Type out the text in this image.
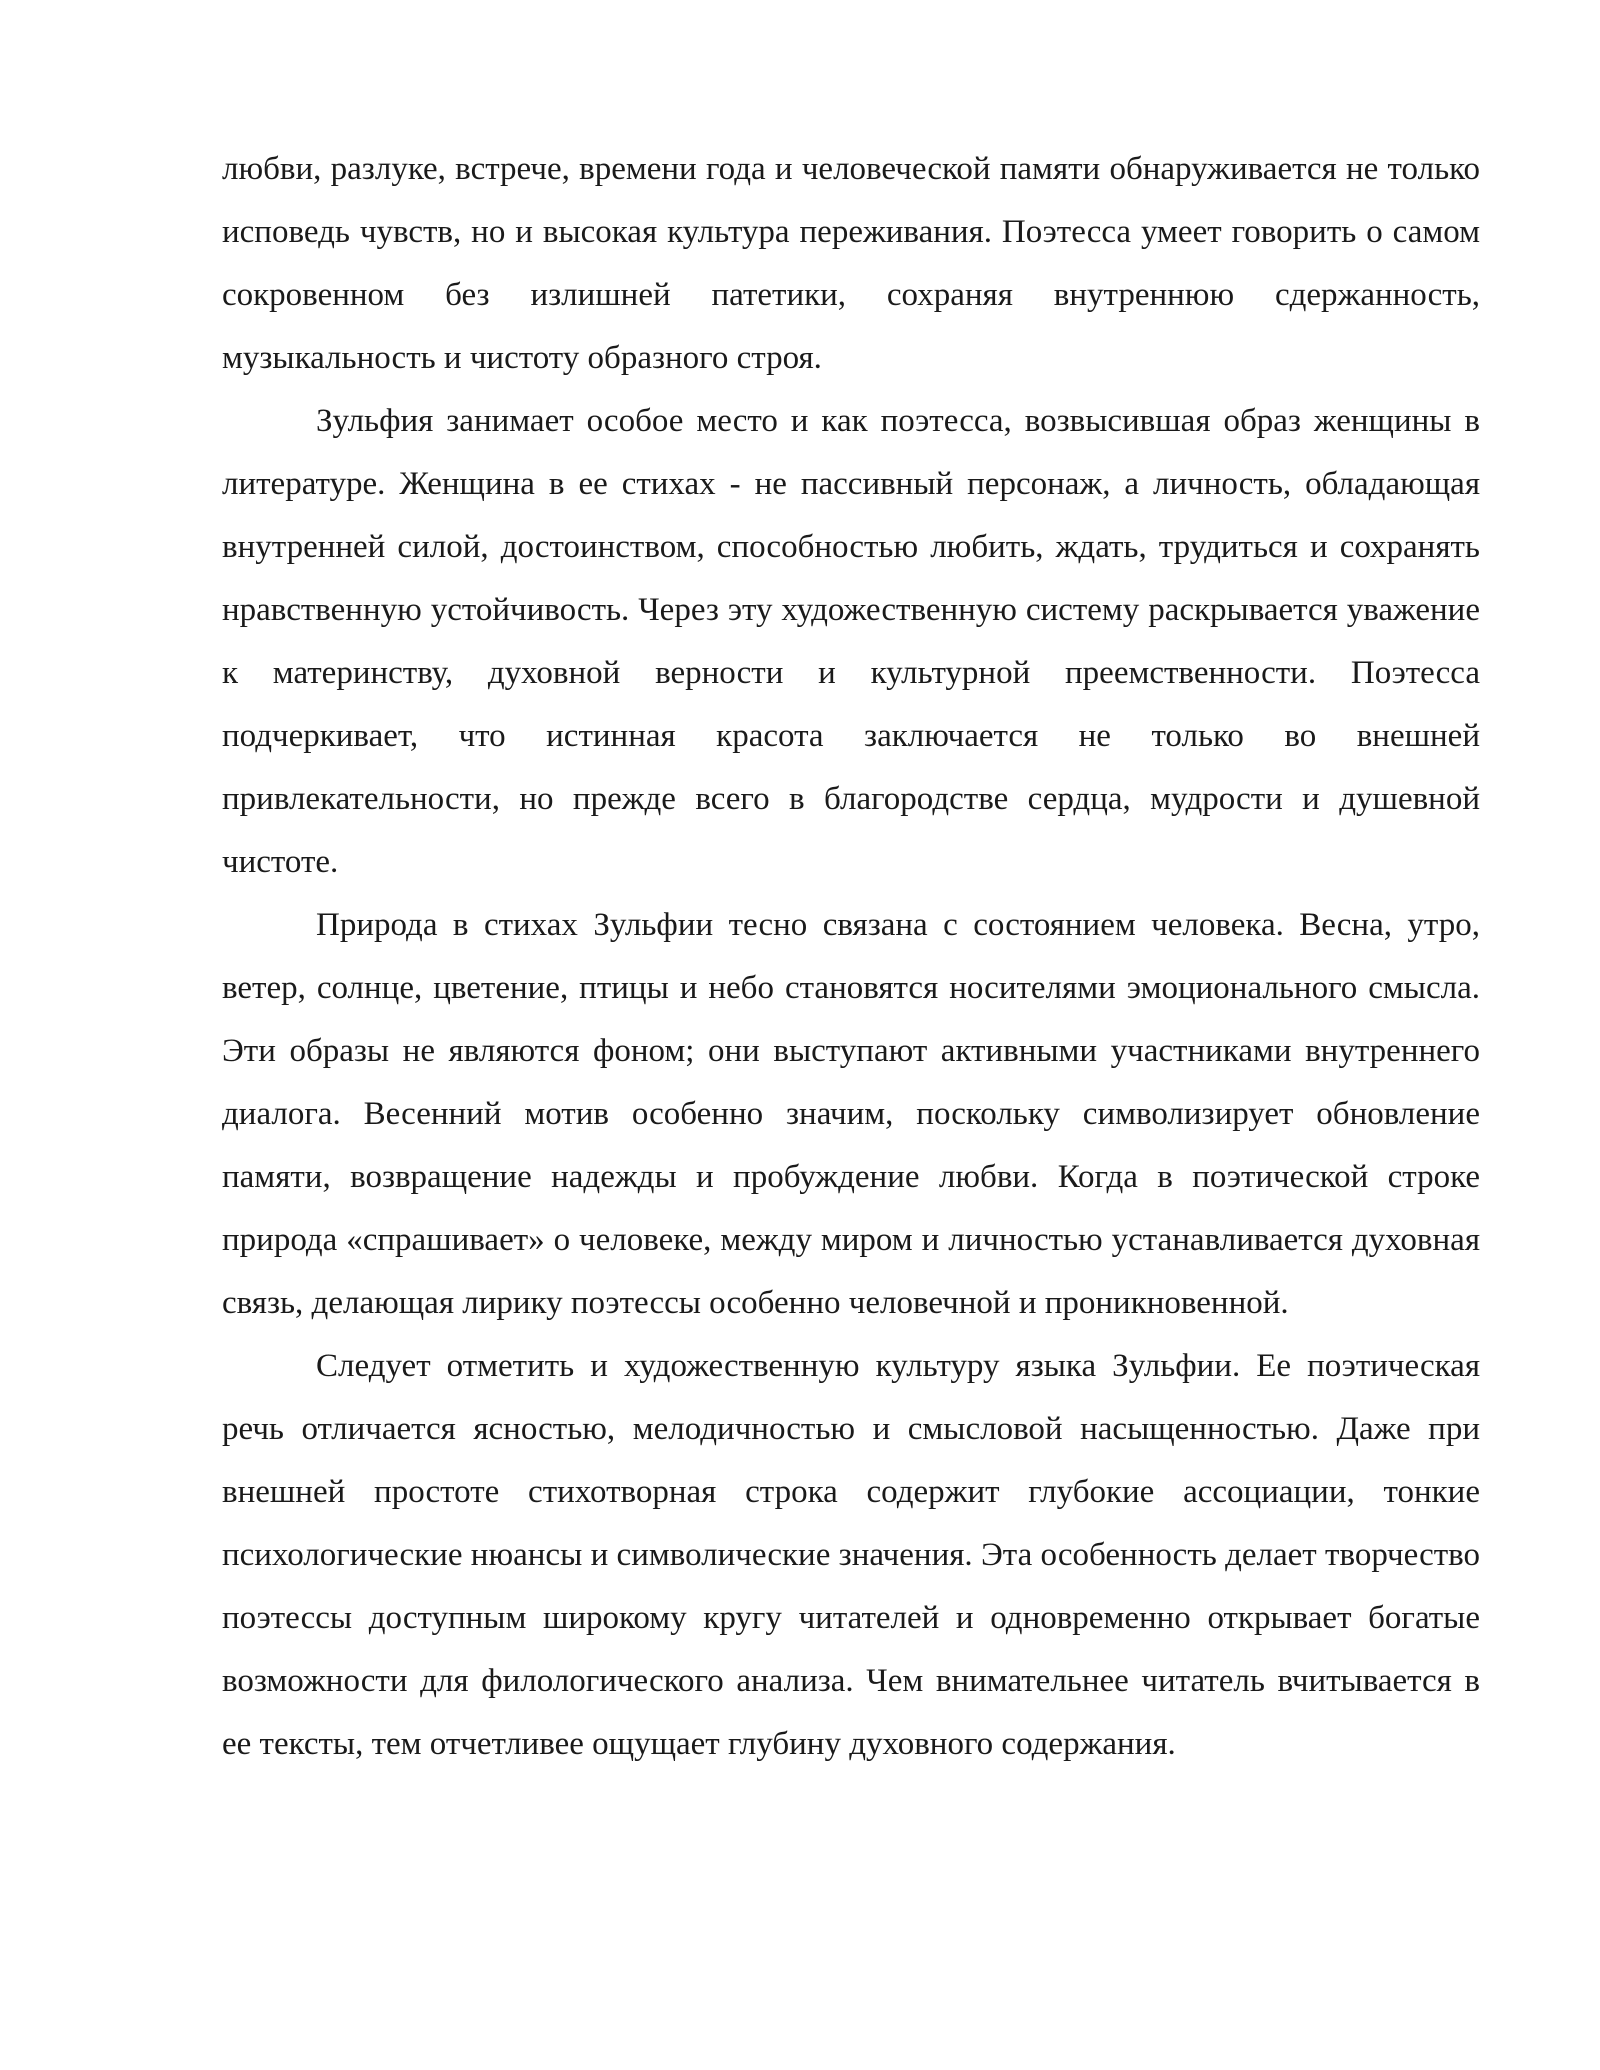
любви, разлуке, встрече, времени года и человеческой памяти обнаруживается не только исповедь чувств, но и высокая культура переживания. Поэтесса умеет говорить о самом сокровенном без излишней патетики, сохраняя внутреннюю сдержанность, музыкальность и чистоту образного строя.

Зульфия занимает особое место и как поэтесса, возвысившая образ женщины в литературе. Женщина в ее стихах - не пассивный персонаж, а личность, обладающая внутренней силой, достоинством, способностью любить, ждать, трудиться и сохранять нравственную устойчивость. Через эту художественную систему раскрывается уважение к материнству, духовной верности и культурной преемственности. Поэтесса подчеркивает, что истинная красота заключается не только во внешней привлекательности, но прежде всего в благородстве сердца, мудрости и душевной чистоте.

Природа в стихах Зульфии тесно связана с состоянием человека. Весна, утро, ветер, солнце, цветение, птицы и небо становятся носителями эмоционального смысла. Эти образы не являются фоном; они выступают активными участниками внутреннего диалога. Весенний мотив особенно значим, поскольку символизирует обновление памяти, возвращение надежды и пробуждение любви. Когда в поэтической строке природа «спрашивает» о человеке, между миром и личностью устанавливается духовная связь, делающая лирику поэтессы особенно человечной и проникновенной.

Следует отметить и художественную культуру языка Зульфии. Ее поэтическая речь отличается ясностью, мелодичностью и смысловой насыщенностью. Даже при внешней простоте стихотворная строка содержит глубокие ассоциации, тонкие психологические нюансы и символические значения. Эта особенность делает творчество поэтессы доступным широкому кругу читателей и одновременно открывает богатые возможности для филологического анализа. Чем внимательнее читатель вчитывается в ее тексты, тем отчетливее ощущает глубину духовного содержания.
